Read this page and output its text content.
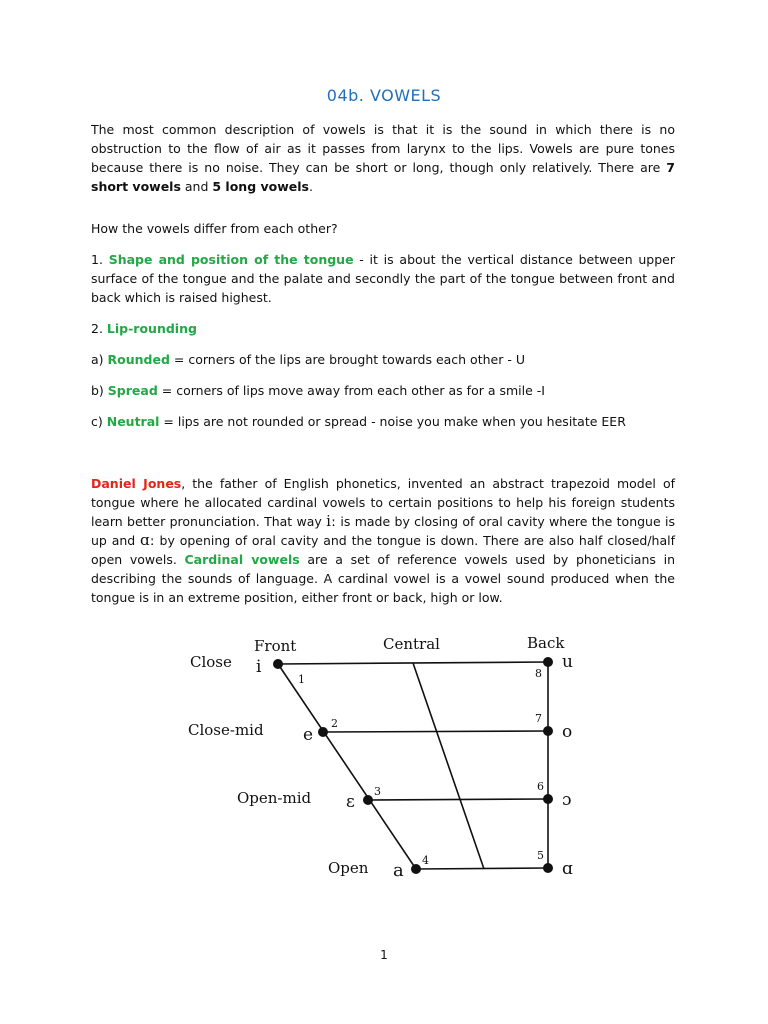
04b. VOWELS

The most common description of vowels is that it is the sound in which there is no obstruction to the flow of air as it passes from larynx to the lips. Vowels are pure tones because there is no noise. They can be short or long, though only relatively. There are 7 short vowels and 5 long vowels.

How the vowels differ from each other?

1. Shape and position of the tongue - it is about the vertical distance between upper surface of the tongue and the palate and secondly the part of the tongue between front and back which is raised highest.

2. Lip-rounding

a) Rounded = corners of the lips are brought towards each other - U

b) Spread = corners of lips move away from each other as for a smile -I

c) Neutral = lips are not rounded or spread - noise you make when you hesitate EER

Daniel Jones, the father of English phonetics, invented an abstract trapezoid model of tongue where he allocated cardinal vowels to certain positions to help his foreign students learn better pronunciation. That way iː is made by closing of oral cavity where the tongue is up and ɑː by opening of oral cavity and the tongue is down. There are also half closed/half open vowels. Cardinal vowels are a set of reference vowels used by phoneticians in describing the sounds of language. A cardinal vowel is a vowel sound produced when the tongue is in an extreme position, either front or back, high or low.

Front	Central	Back
Close
Close-mid
Open-mid
Open
i
e
ɛ
a
u
o
ɔ
ɑ
1
2
3
4	5
6
7
8
1
